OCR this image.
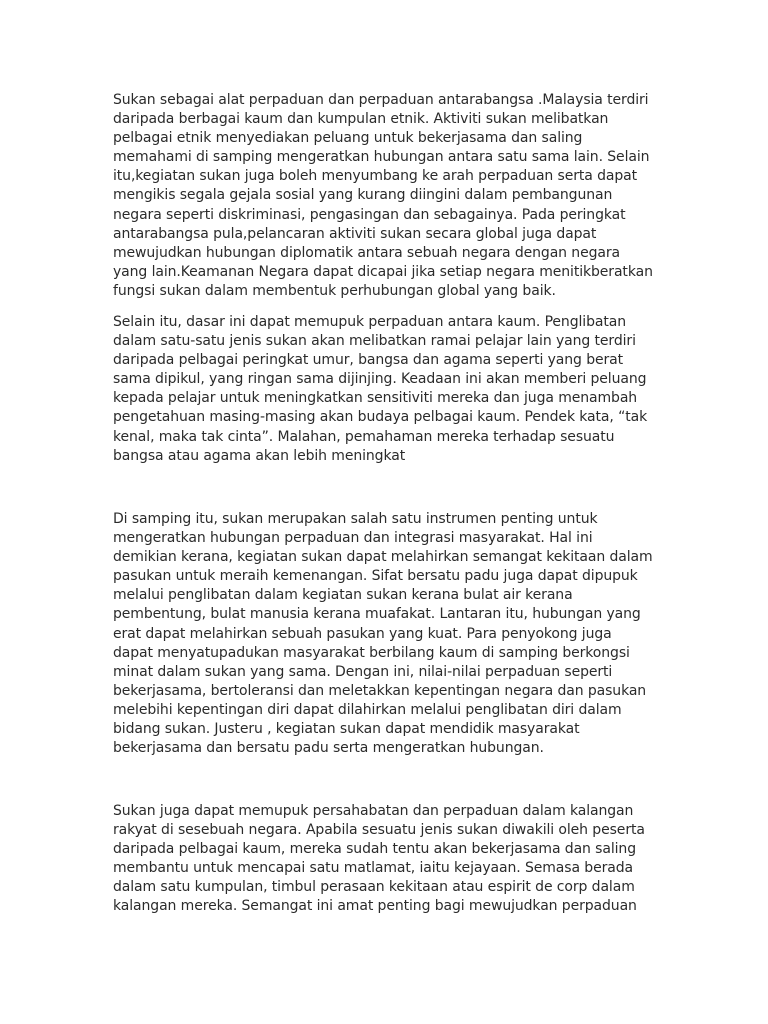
Sukan sebagai alat perpaduan dan perpaduan antarabangsa .Malaysia terdiri
daripada berbagai kaum dan kumpulan etnik. Aktiviti sukan melibatkan
pelbagai etnik menyediakan peluang untuk bekerjasama dan saling
memahami di samping mengeratkan hubungan antara satu sama lain. Selain
itu,kegiatan sukan juga boleh menyumbang ke arah perpaduan serta dapat
mengikis segala gejala sosial yang kurang diingini dalam pembangunan
negara seperti diskriminasi, pengasingan dan sebagainya. Pada peringkat
antarabangsa pula,pelancaran aktiviti sukan secara global juga dapat
mewujudkan hubungan diplomatik antara sebuah negara dengan negara
yang lain.Keamanan Negara dapat dicapai jika setiap negara menitikberatkan
fungsi sukan dalam membentuk perhubungan global yang baik.

Selain itu, dasar ini dapat memupuk perpaduan antara kaum. Penglibatan
dalam satu-satu jenis sukan akan melibatkan ramai pelajar lain yang terdiri
daripada pelbagai peringkat umur, bangsa dan agama seperti yang berat
sama dipikul, yang ringan sama dijinjing. Keadaan ini akan memberi peluang
kepada pelajar untuk meningkatkan sensitiviti mereka dan juga menambah
pengetahuan masing-masing akan budaya pelbagai kaum. Pendek kata, “tak
kenal, maka tak cinta”. Malahan, pemahaman mereka terhadap sesuatu
bangsa atau agama akan lebih meningkat

Di samping itu, sukan merupakan salah satu instrumen penting untuk
mengeratkan hubungan perpaduan dan integrasi masyarakat. Hal ini
demikian kerana, kegiatan sukan dapat melahirkan semangat kekitaan dalam
pasukan untuk meraih kemenangan. Sifat bersatu padu juga dapat dipupuk
melalui penglibatan dalam kegiatan sukan kerana bulat air kerana
pembentung, bulat manusia kerana muafakat. Lantaran itu, hubungan yang
erat dapat melahirkan sebuah pasukan yang kuat. Para penyokong juga
dapat menyatupadukan masyarakat berbilang kaum di samping berkongsi
minat dalam sukan yang sama. Dengan ini, nilai-nilai perpaduan seperti
bekerjasama, bertoleransi dan meletakkan kepentingan negara dan pasukan
melebihi kepentingan diri dapat dilahirkan melalui penglibatan diri dalam
bidang sukan. Justeru , kegiatan sukan dapat mendidik masyarakat
bekerjasama dan bersatu padu serta mengeratkan hubungan.

Sukan juga dapat memupuk persahabatan dan perpaduan dalam kalangan
rakyat di sesebuah negara. Apabila sesuatu jenis sukan diwakili oleh peserta
daripada pelbagai kaum, mereka sudah tentu akan bekerjasama dan saling
membantu untuk mencapai satu matlamat, iaitu kejayaan. Semasa berada
dalam satu kumpulan, timbul perasaan kekitaan atau espirit de corp dalam
kalangan mereka. Semangat ini amat penting bagi mewujudkan perpaduan
